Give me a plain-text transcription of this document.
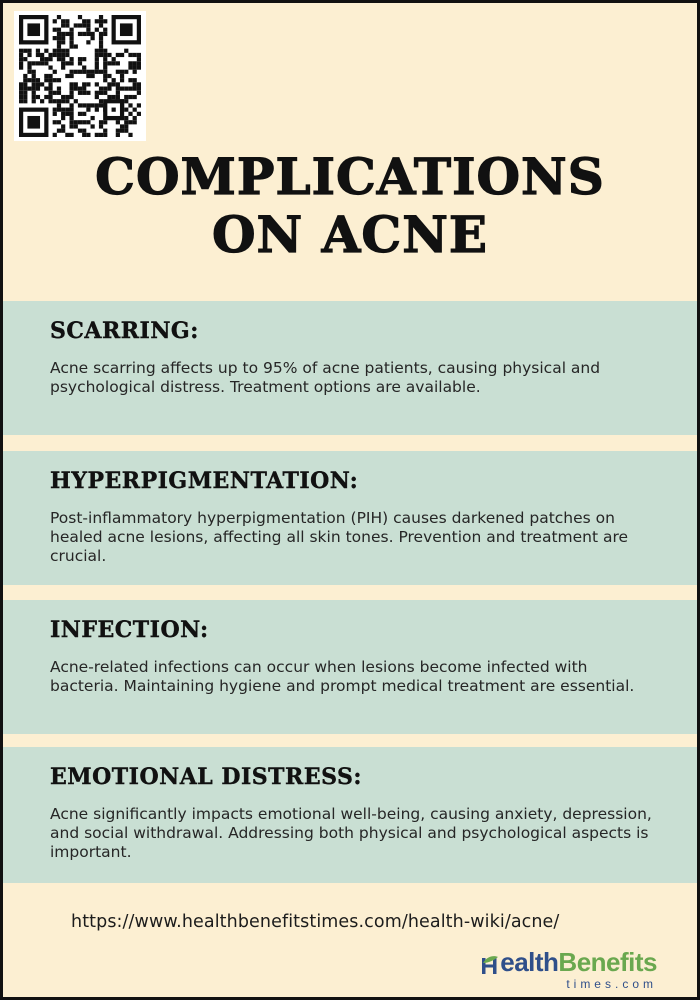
COMPLICATIONS
ON ACNE
SCARRING:

Acne scarring affects up to 95% of acne patients, causing physical and psychological distress. Treatment options are available.

HYPERPIGMENTATION:

Post-inflammatory hyperpigmentation (PIH) causes darkened patches on healed acne lesions, affecting all skin tones. Prevention and treatment are crucial.

INFECTION:

Acne-related infections can occur when lesions become infected with bacteria. Maintaining hygiene and prompt medical treatment are essential.

EMOTIONAL DISTRESS:

Acne significantly impacts emotional well-being, causing anxiety, depression, and social withdrawal. Addressing both physical and psychological aspects is important.

https://www.healthbenefitstimes.com/health-wiki/acne/

ealth Benefits
times.com
